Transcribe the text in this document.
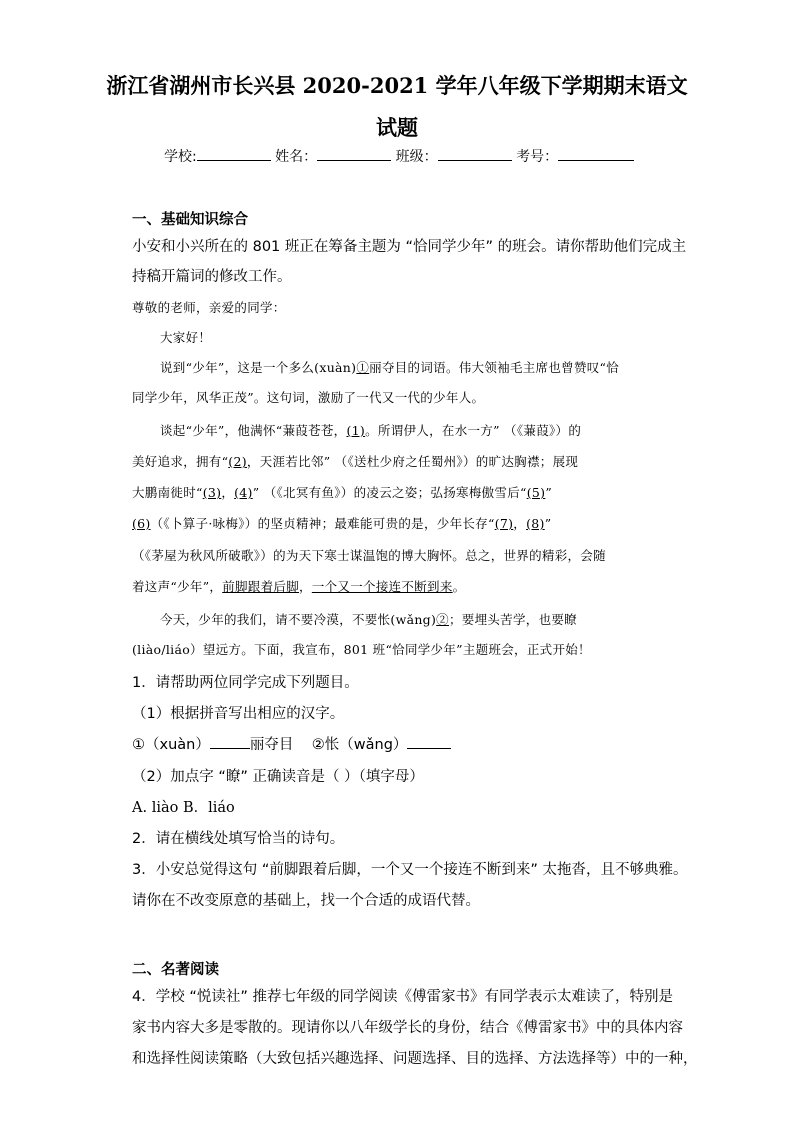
浙江省湖州市长兴县 2020-2021 学年八年级下学期期末语文
试题
学校:	姓名：	班级：	考号：
一、基础知识综合
小安和小兴所在的 801 班正在筹备主题为 “恰同学少年” 的班会。请你帮助他们完成主
持稿开篇词的修改工作。
尊敬的老师，亲爱的同学：
大家好！
说到“少年”，这是一个多么(xuàn)①丽夺目的词语。伟大领袖毛主席也曾赞叹“恰
同学少年，风华正茂”。这句词，激励了一代又一代的少年人。
谈起“少年”，他满怀“蒹葭苍苍，(1)。所谓伊人，在水一方” （《蒹葭》）的
美好追求，拥有“(2)，天涯若比邻” （《送杜少府之任蜀州》）的旷达胸襟；展现
大鹏南徙时“(3)，(4)” （《北冥有鱼》）的凌云之姿；弘扬寒梅傲雪后“(5)”
(6)（《卜算子·咏梅》）的坚贞精神；最难能可贵的是，少年长存“(7)，(8)”
（《茅屋为秋风所破歌》）的为天下寒士谋温饱的博大胸怀。总之，世界的精彩，会随
着这声“少年”，前脚跟着后脚，一个又一个接连不断到来。
今天，少年的我们，请不要冷漠，不要怅(wǎng)②；要埋头苦学，也要瞭
(liào/liáo）望远方。下面，我宣布，801 班“恰同学少年”主题班会，正式开始！
1．请帮助两位同学完成下列题目。
（1）根据拼音写出相应的汉字。
①（xuàn）	丽夺目 ②怅（wǎng）
（2）加点字 “瞭” 正确读音是（ ）（填字母）
A. liào B．liáo
2．请在横线处填写恰当的诗句。
3．小安总觉得这句 “前脚跟着后脚，一个又一个接连不断到来” 太拖沓，且不够典雅。
请你在不改变原意的基础上，找一个合适的成语代替。
二、名著阅读
4．学校 “悦读社” 推荐七年级的同学阅读《傅雷家书》有同学表示太难读了，特别是
家书内容大多是零散的。现请你以八年级学长的身份，结合《傅雷家书》中的具体内容
和选择性阅读策略（大致包括兴趣选择、问题选择、目的选择、方法选择等）中的一种，
